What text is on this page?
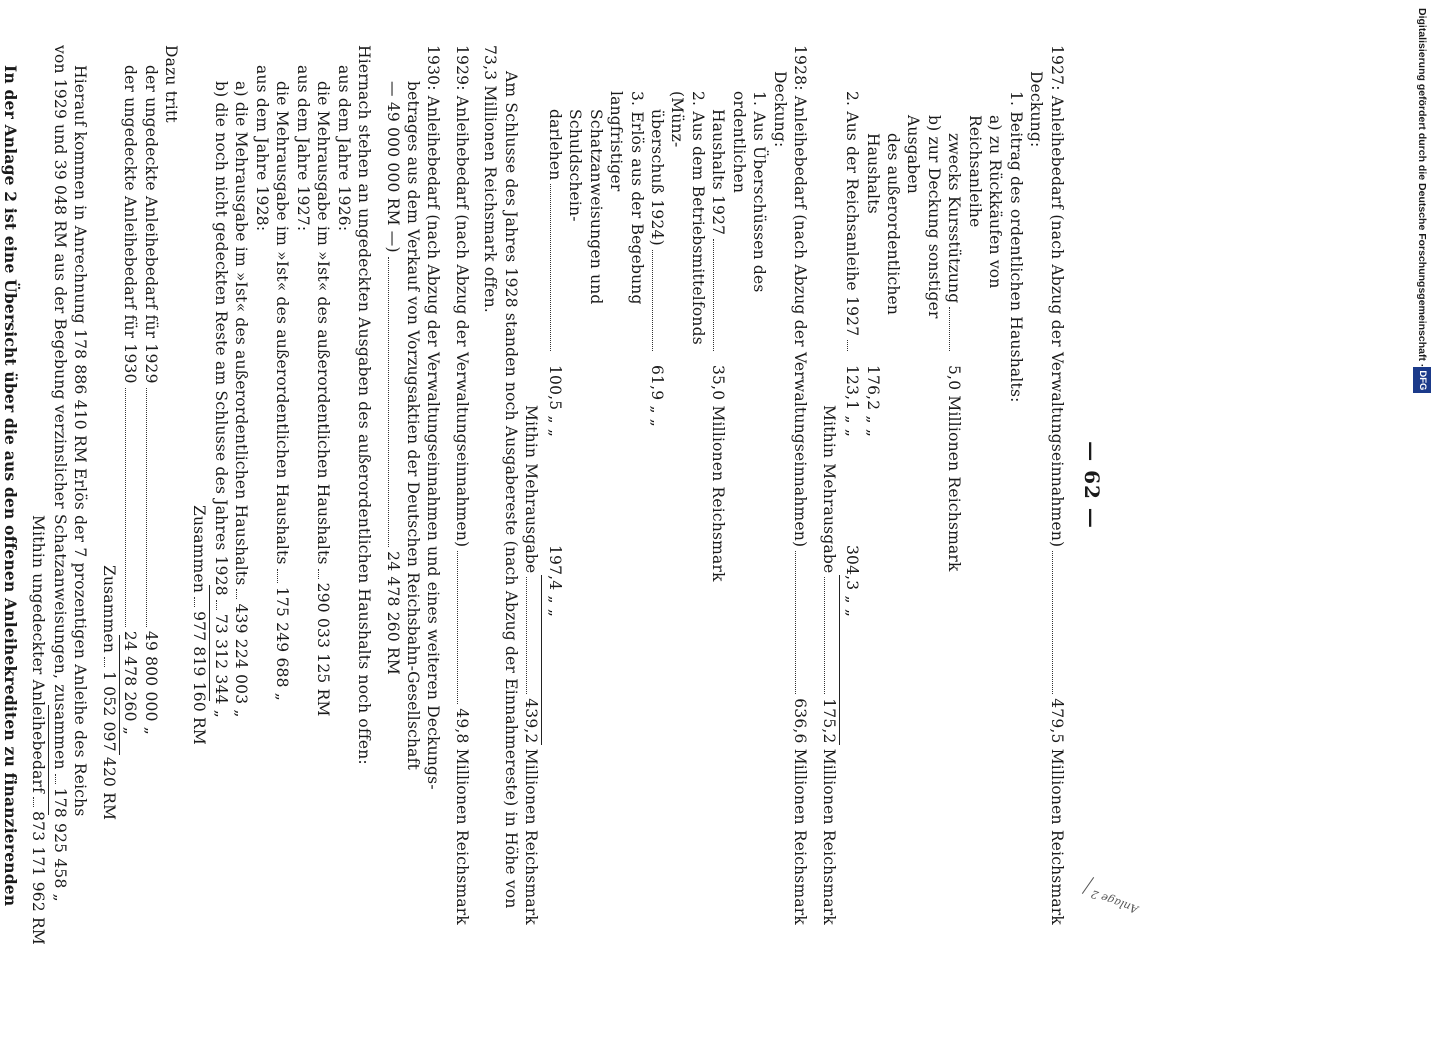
— 62 —
1927: Anleihebedarf (nach Abzug der Verwaltungseinnahmen)
479,5 Millionen Reichsmark
Deckung:
1. Beitrag des ordentlichen Haushalts:
a) zu Rückkäufen von Reichsanleihe
zwecks Kursstützung
5,0 Millionen Reichsmark
b) zur Deckung sonstiger Ausgaben
des außerordentlichen Haushalts
176,2 „ „
2. Aus der Reichsanleihe 1927
123,1 „ „
304,3 „ „
Mithin Mehrausgabe
175,2 Millionen Reichsmark
1928: Anleihebedarf (nach Abzug der Verwaltungseinnahmen)
636,6 Millionen Reichsmark
Deckung:
1. Aus Überschüssen des ordentlichen
Haushalts 1927
35,0 Millionen Reichsmark
2. Aus dem Betriebsmittelfonds (Münz-
überschuß 1924)
61,9 „ „
3. Erlös aus der Begebung langfristiger
Schatzanweisungen und Schuldschein-
darlehen
100,5 „ „
197,4 „ „
Mithin Mehrausgabe
439,2 Millionen Reichsmark
Am Schlusse des Jahres 1928 standen noch Ausgabereste (nach Abzug der Einnahmereste) in Höhe von 73,3 Millionen Reichsmark offen.
1929: Anleihebedarf (nach Abzug der Verwaltungseinnahmen)
49,8 Millionen Reichsmark
1930: Anleihebedarf (nach Abzug der Verwaltungseinnahmen und eines weiteren Deckungs-
betrages aus dem Verkauf von Vorzugsaktien der Deutschen Reichsbahn-Gesellschaft
— 49 000 000 RM —)
24 478 260 RM
Hiernach stehen an ungedeckten Ausgaben des außerordentlichen Haushalts noch offen:
aus dem Jahre 1926:
die Mehrausgabe im »Ist« des außerordentlichen Haushalts
290 033 125 RM
aus dem Jahre 1927:
die Mehrausgabe im »Ist« des außerordentlichen Haushalts
175 249 688 „
aus dem Jahre 1928:
a) die Mehrausgabe im »Ist« des außerordentlichen Haushalts
439 224 003 „
b) die noch nicht gedeckten Reste am Schlusse des Jahres 1928
73 312 344 „
Zusammen
977 819 160 RM
Dazu tritt
der ungedeckte Anleihebedarf für 1929
49 800 000 „
der ungedeckte Anleihebedarf für 1930
24 478 260 „
Zusammen
1 052 097 420 RM
Hierauf kommen in Anrechnung 178 886 410 RM Erlös der 7 prozentigen Anleihe des Reichs
von 1929 und 39 048 RM aus der Begebung verzinslicher Schatzanweisungen, zusammen
178 925 458 „
Mithin ungedeckter Anleihebedarf
873 171 962 RM
In der Anlage 2 ist eine Übersicht über die aus den offenen Anleihekrediten zu finanzierenden	Anlage 2
Digitalisierung gefördert durch die Deutsche Forschungsgemeinschaft ·
DFG
